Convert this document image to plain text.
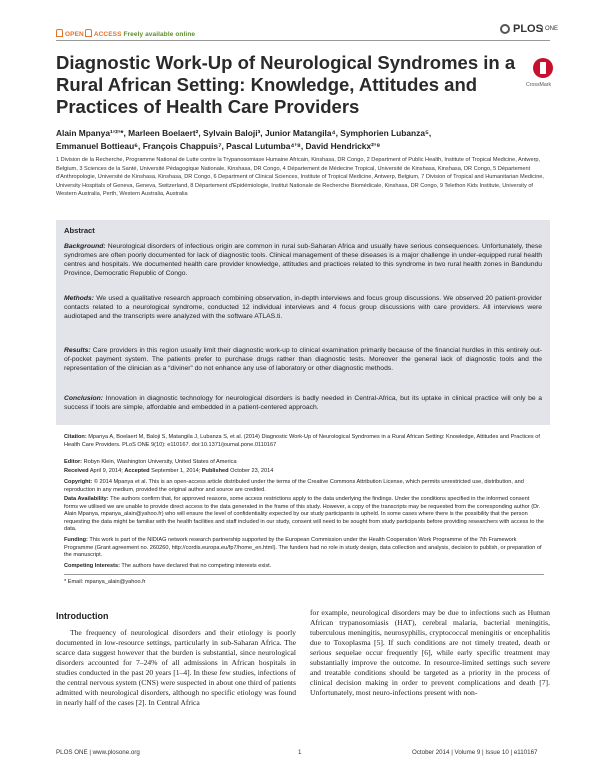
OPEN ACCESS Freely available online	PLOS ONE
Diagnostic Work-Up of Neurological Syndromes in a Rural African Setting: Knowledge, Attitudes and Practices of Health Care Providers
CrossMark
Alain Mpanya¹ʼ²ʼ*, Marleen Boelaert², Sylvain Baloji³, Junior Matangila⁴, Symphorien Lubanza⁵,
Emmanuel Bottieau⁶, François Chappuis⁷, Pascal Lutumba⁴ʼ⁸, David Hendrickx²ʼ⁹
1 Division de la Recherche, Programme National de Lutte contre la Trypanosomiase Humaine Africain, Kinshasa, DR Congo, 2 Department of Public Health, Institute of Tropical Medicine, Antwerp, Belgium, 3 Sciences de la Santé, Université Pédagogique Nationale, Kinshasa, DR Congo, 4 Département de Médecine Tropical, Université de Kinshasa, Kinshasa, DR Congo, 5 Département d'Anthropologie, Université de Kinshasa, Kinshasa, DR Congo, 6 Department of Clinical Sciences, Institute of Tropical Medicine, Antwerp, Belgium, 7 Division of Tropical and Humanitarian Medicine, University Hospitals of Geneva, Geneva, Switzerland, 8 Département d'Epidémiologie, Institut Nationale de Recherche Biomédicale, Kinshasa, DR Congo, 9 Telethon Kids Institute, University of Western Australia, Perth, Western Australia, Australia
Abstract
Background: Neurological disorders of infectious origin are common in rural sub-Saharan Africa and usually have serious consequences. Unfortunately, these syndromes are often poorly documented for lack of diagnostic tools. Clinical management of these diseases is a major challenge in under-equipped rural health centres and hospitals. We documented health care provider knowledge, attitudes and practices related to this syndrome in two rural health zones in Bandundu Province, Democratic Republic of Congo.
Methods: We used a qualitative research approach combining observation, in-depth interviews and focus group discussions. We observed 20 patient-provider contacts related to a neurological syndrome, conducted 12 individual interviews and 4 focus group discussions with care providers. All interviews were audiotaped and the transcripts were analyzed with the software ATLAS.ti.
Results: Care providers in this region usually limit their diagnostic work-up to clinical examination primarily because of the financial hurdles in this entirely out-of-pocket payment system. The patients prefer to purchase drugs rather than diagnostic tests. Moreover the general lack of diagnostic tools and the representation of the clinician as a “diviner” do not enhance any use of laboratory or other diagnostic methods.
Conclusion: Innovation in diagnostic technology for neurological disorders is badly needed in Central-Africa, but its uptake in clinical practice will only be a success if tools are simple, affordable and embedded in a patient-centered approach.
Citation: Mpanya A, Boelaert M, Baloji S, Matangila J, Lubanza S, et al. (2014) Diagnostic Work-Up of Neurological Syndromes in a Rural African Setting: Knowledge, Attitudes and Practices of Health Care Providers. PLoS ONE 9(10): e110167. doi:10.1371/journal.pone.0110167
Editor: Robyn Klein, Washington University, United States of America
Received April 9, 2014; Accepted September 1, 2014; Published October 23, 2014
Copyright: © 2014 Mpanya et al. This is an open-access article distributed under the terms of the Creative Commons Attribution License, which permits unrestricted use, distribution, and reproduction in any medium, provided the original author and source are credited.
Data Availability: The authors confirm that, for approved reasons, some access restrictions apply to the data underlying the findings. Under the conditions specified in the informed consent forms we utilised we are unable to provide direct access to the data generated in the frame of this study. However, a copy of the transcripts may be requested from the corresponding author (Dr. Alain Mpanya, mpanya_alain@yahoo.fr) who will ensure the level of confidentiality expected by our study participants is upheld. In some cases where there is the possibility that the person requesting the data might be familiar with the health facilities and staff included in our study, consent will need to be sought from study participants before providing researchers with access to the data.
Funding: This work is part of the NIDIAG network research partnership supported by the European Commission under the Health Cooperation Work Programme of the 7th Framework Programme (Grant agreement no. 260260, http://cordis.europa.eu/fp7/home_en.html). The funders had no role in study design, data collection and analysis, decision to publish, or preparation of the manuscript.
Competing Interests: The authors have declared that no competing interests exist.
* Email: mpanya_alain@yahoo.fr
Introduction
The frequency of neurological disorders and their etiology is poorly documented in low-resource settings, particularly in sub-Saharan Africa. The scarce data suggest however that the burden is substantial, since neurological disorders accounted for 7–24% of all admissions in African hospitals in studies conducted in the past 20 years [1–4]. In these few studies, infections of the central nervous system (CNS) were suspected in about one third of patients admitted with neurological disorders, although no specific etiology was found in nearly half of the cases [2]. In Central Africa
for example, neurological disorders may be due to infections such as Human African trypanosomiasis (HAT), cerebral malaria, bacterial meningitis, tuberculous meningitis, neurosyphilis, cryptococcal meningitis or encephalitis due to Toxoplasma [5]. If such conditions are not timely treated, death or serious sequelae occur frequently [6], while early specific treatment may substantially improve the outcome. In resource-limited settings such severe and treatable conditions should be targeted as a priority in the process of clinical decision making in order to prevent complications and death [7]. Unfortunately, most neuro-infections present with non-
PLOS ONE | www.plosone.org	1	October 2014 | Volume 9 | Issue 10 | e110167
